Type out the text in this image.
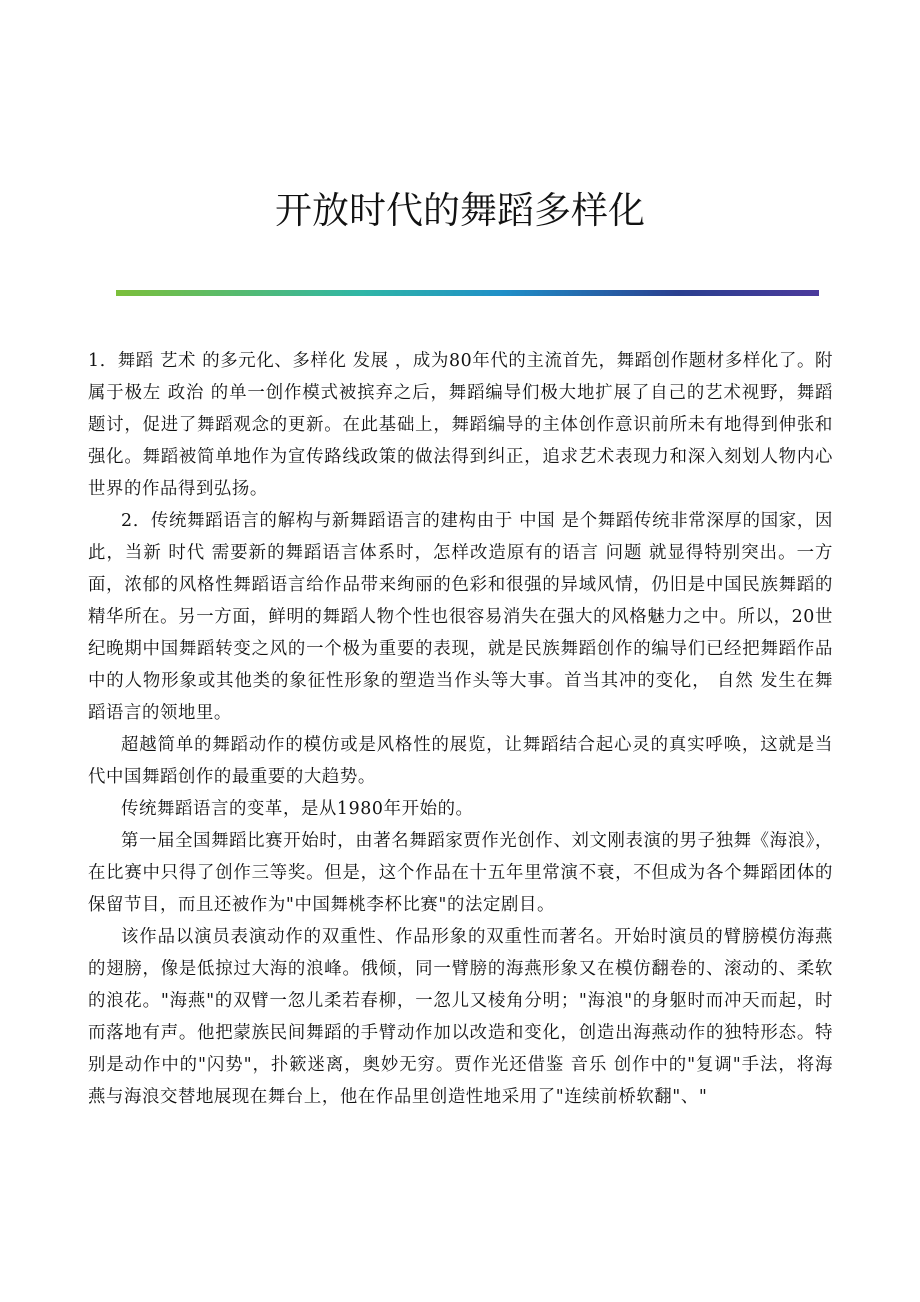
开放时代的舞蹈多样化

1．舞蹈 艺术 的多元化、多样化 发展 ，成为80年代的主流首先，舞蹈创作题材多样化了。附属于极左 政治 的单一创作模式被摈弃之后，舞蹈编导们极大地扩展了自己的艺术视野，舞蹈题讨，促进了舞蹈观念的更新。在此基础上，舞蹈编导的主体创作意识前所未有地得到伸张和强化。舞蹈被简单地作为宣传路线政策的做法得到纠正，追求艺术表现力和深入刻划人物内心世界的作品得到弘扬。

2．传统舞蹈语言的解构与新舞蹈语言的建构由于 中国 是个舞蹈传统非常深厚的国家，因此，当新 时代 需要新的舞蹈语言体系时，怎样改造原有的语言 问题 就显得特别突出。一方面，浓郁的风格性舞蹈语言给作品带来绚丽的色彩和很强的异域风情，仍旧是中国民族舞蹈的精华所在。另一方面，鲜明的舞蹈人物个性也很容易消失在强大的风格魅力之中。所以，20世纪晚期中国舞蹈转变之风的一个极为重要的表现，就是民族舞蹈创作的编导们已经把舞蹈作品中的人物形象或其他类的象征性形象的塑造当作头等大事。首当其冲的变化， 自然 发生在舞蹈语言的领地里。

超越简单的舞蹈动作的模仿或是风格性的展览，让舞蹈结合起心灵的真实呼唤，这就是当代中国舞蹈创作的最重要的大趋势。

传统舞蹈语言的变革，是从1980年开始的。

第一届全国舞蹈比赛开始时，由著名舞蹈家贾作光创作、刘文刚表演的男子独舞《海浪》，在比赛中只得了创作三等奖。但是，这个作品在十五年里常演不衰，不但成为各个舞蹈团体的保留节目，而且还被作为"中国舞桃李杯比赛"的法定剧目。

该作品以演员表演动作的双重性、作品形象的双重性而著名。开始时演员的臂膀模仿海燕的翅膀，像是低掠过大海的浪峰。俄倾，同一臂膀的海燕形象又在模仿翻卷的、滚动的、柔软的浪花。"海燕"的双臂一忽儿柔若春柳，一忽儿又棱角分明；"海浪"的身躯时而冲天而起，时而落地有声。他把蒙族民间舞蹈的手臂动作加以改造和变化，创造出海燕动作的独特形态。特别是动作中的"闪势"，扑簌迷离，奥妙无穷。贾作光还借鉴 音乐 创作中的"复调"手法，将海燕与海浪交替地展现在舞台上，他在作品里创造性地采用了"连续前桥软翻"、"
